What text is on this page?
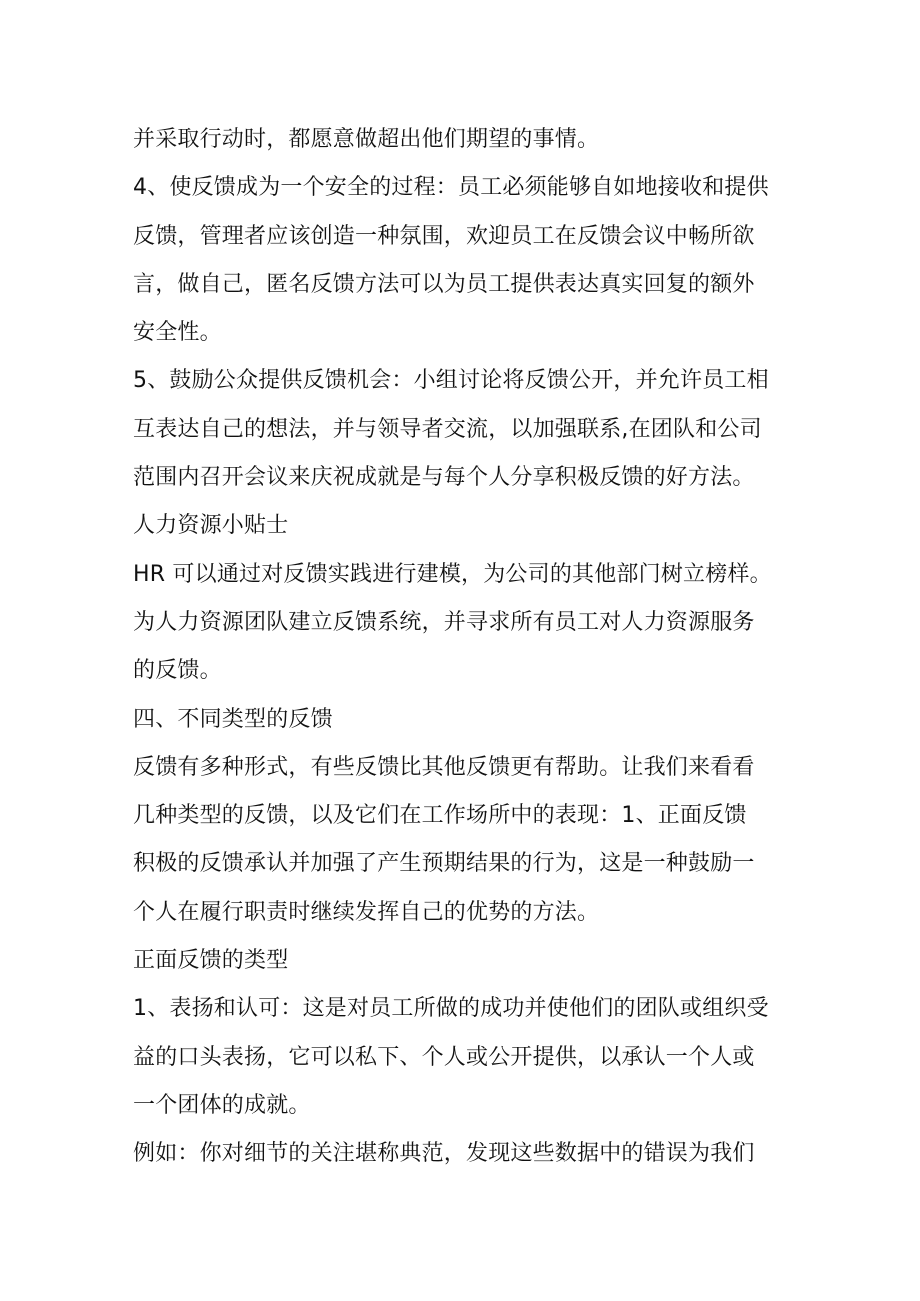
并采取行动时，都愿意做超出他们期望的事情。
4、使反馈成为一个安全的过程：员工必须能够自如地接收和提供
反馈，管理者应该创造一种氛围，欢迎员工在反馈会议中畅所欲
言，做自己，匿名反馈方法可以为员工提供表达真实回复的额外
安全性。
5、鼓励公众提供反馈机会：小组讨论将反馈公开，并允许员工相
互表达自己的想法，并与领导者交流，以加强联系,在团队和公司
范围内召开会议来庆祝成就是与每个人分享积极反馈的好方法。
人力资源小贴士
HR 可以通过对反馈实践进行建模，为公司的其他部门树立榜样。
为人力资源团队建立反馈系统，并寻求所有员工对人力资源服务
的反馈。
四、不同类型的反馈
反馈有多种形式，有些反馈比其他反馈更有帮助。让我们来看看
几种类型的反馈，以及它们在工作场所中的表现：1、正面反馈
积极的反馈承认并加强了产生预期结果的行为，这是一种鼓励一
个人在履行职责时继续发挥自己的优势的方法。
正面反馈的类型
1、表扬和认可：这是对员工所做的成功并使他们的团队或组织受
益的口头表扬，它可以私下、个人或公开提供，以承认一个人或
一个团体的成就。
例如：你对细节的关注堪称典范，发现这些数据中的错误为我们
